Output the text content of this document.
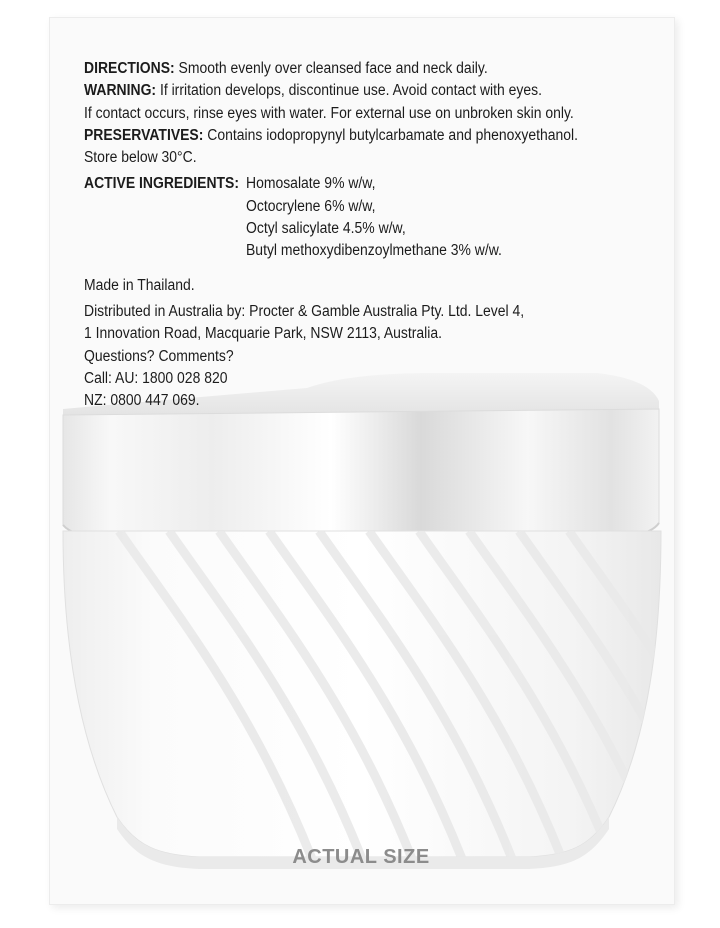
DIRECTIONS: Smooth evenly over cleansed face and neck daily.
WARNING: If irritation develops, discontinue use. Avoid contact with eyes.
If contact occurs, rinse eyes with water. For external use on unbroken skin only.
PRESERVATIVES: Contains iodopropynyl butylcarbamate and phenoxyethanol.
Store below 30°C.
ACTIVE INGREDIENTS: Homosalate 9% w/w,
Octocrylene 6% w/w,
Octyl salicylate 4.5% w/w,
Butyl methoxydibenzoylmethane 3% w/w.
Made in Thailand.
Distributed in Australia by: Procter & Gamble Australia Pty. Ltd. Level 4,
1 Innovation Road, Macquarie Park, NSW 2113, Australia.
Questions? Comments?
Call: AU: 1800 028 820
NZ: 0800 447 069.
ACTUAL SIZE
